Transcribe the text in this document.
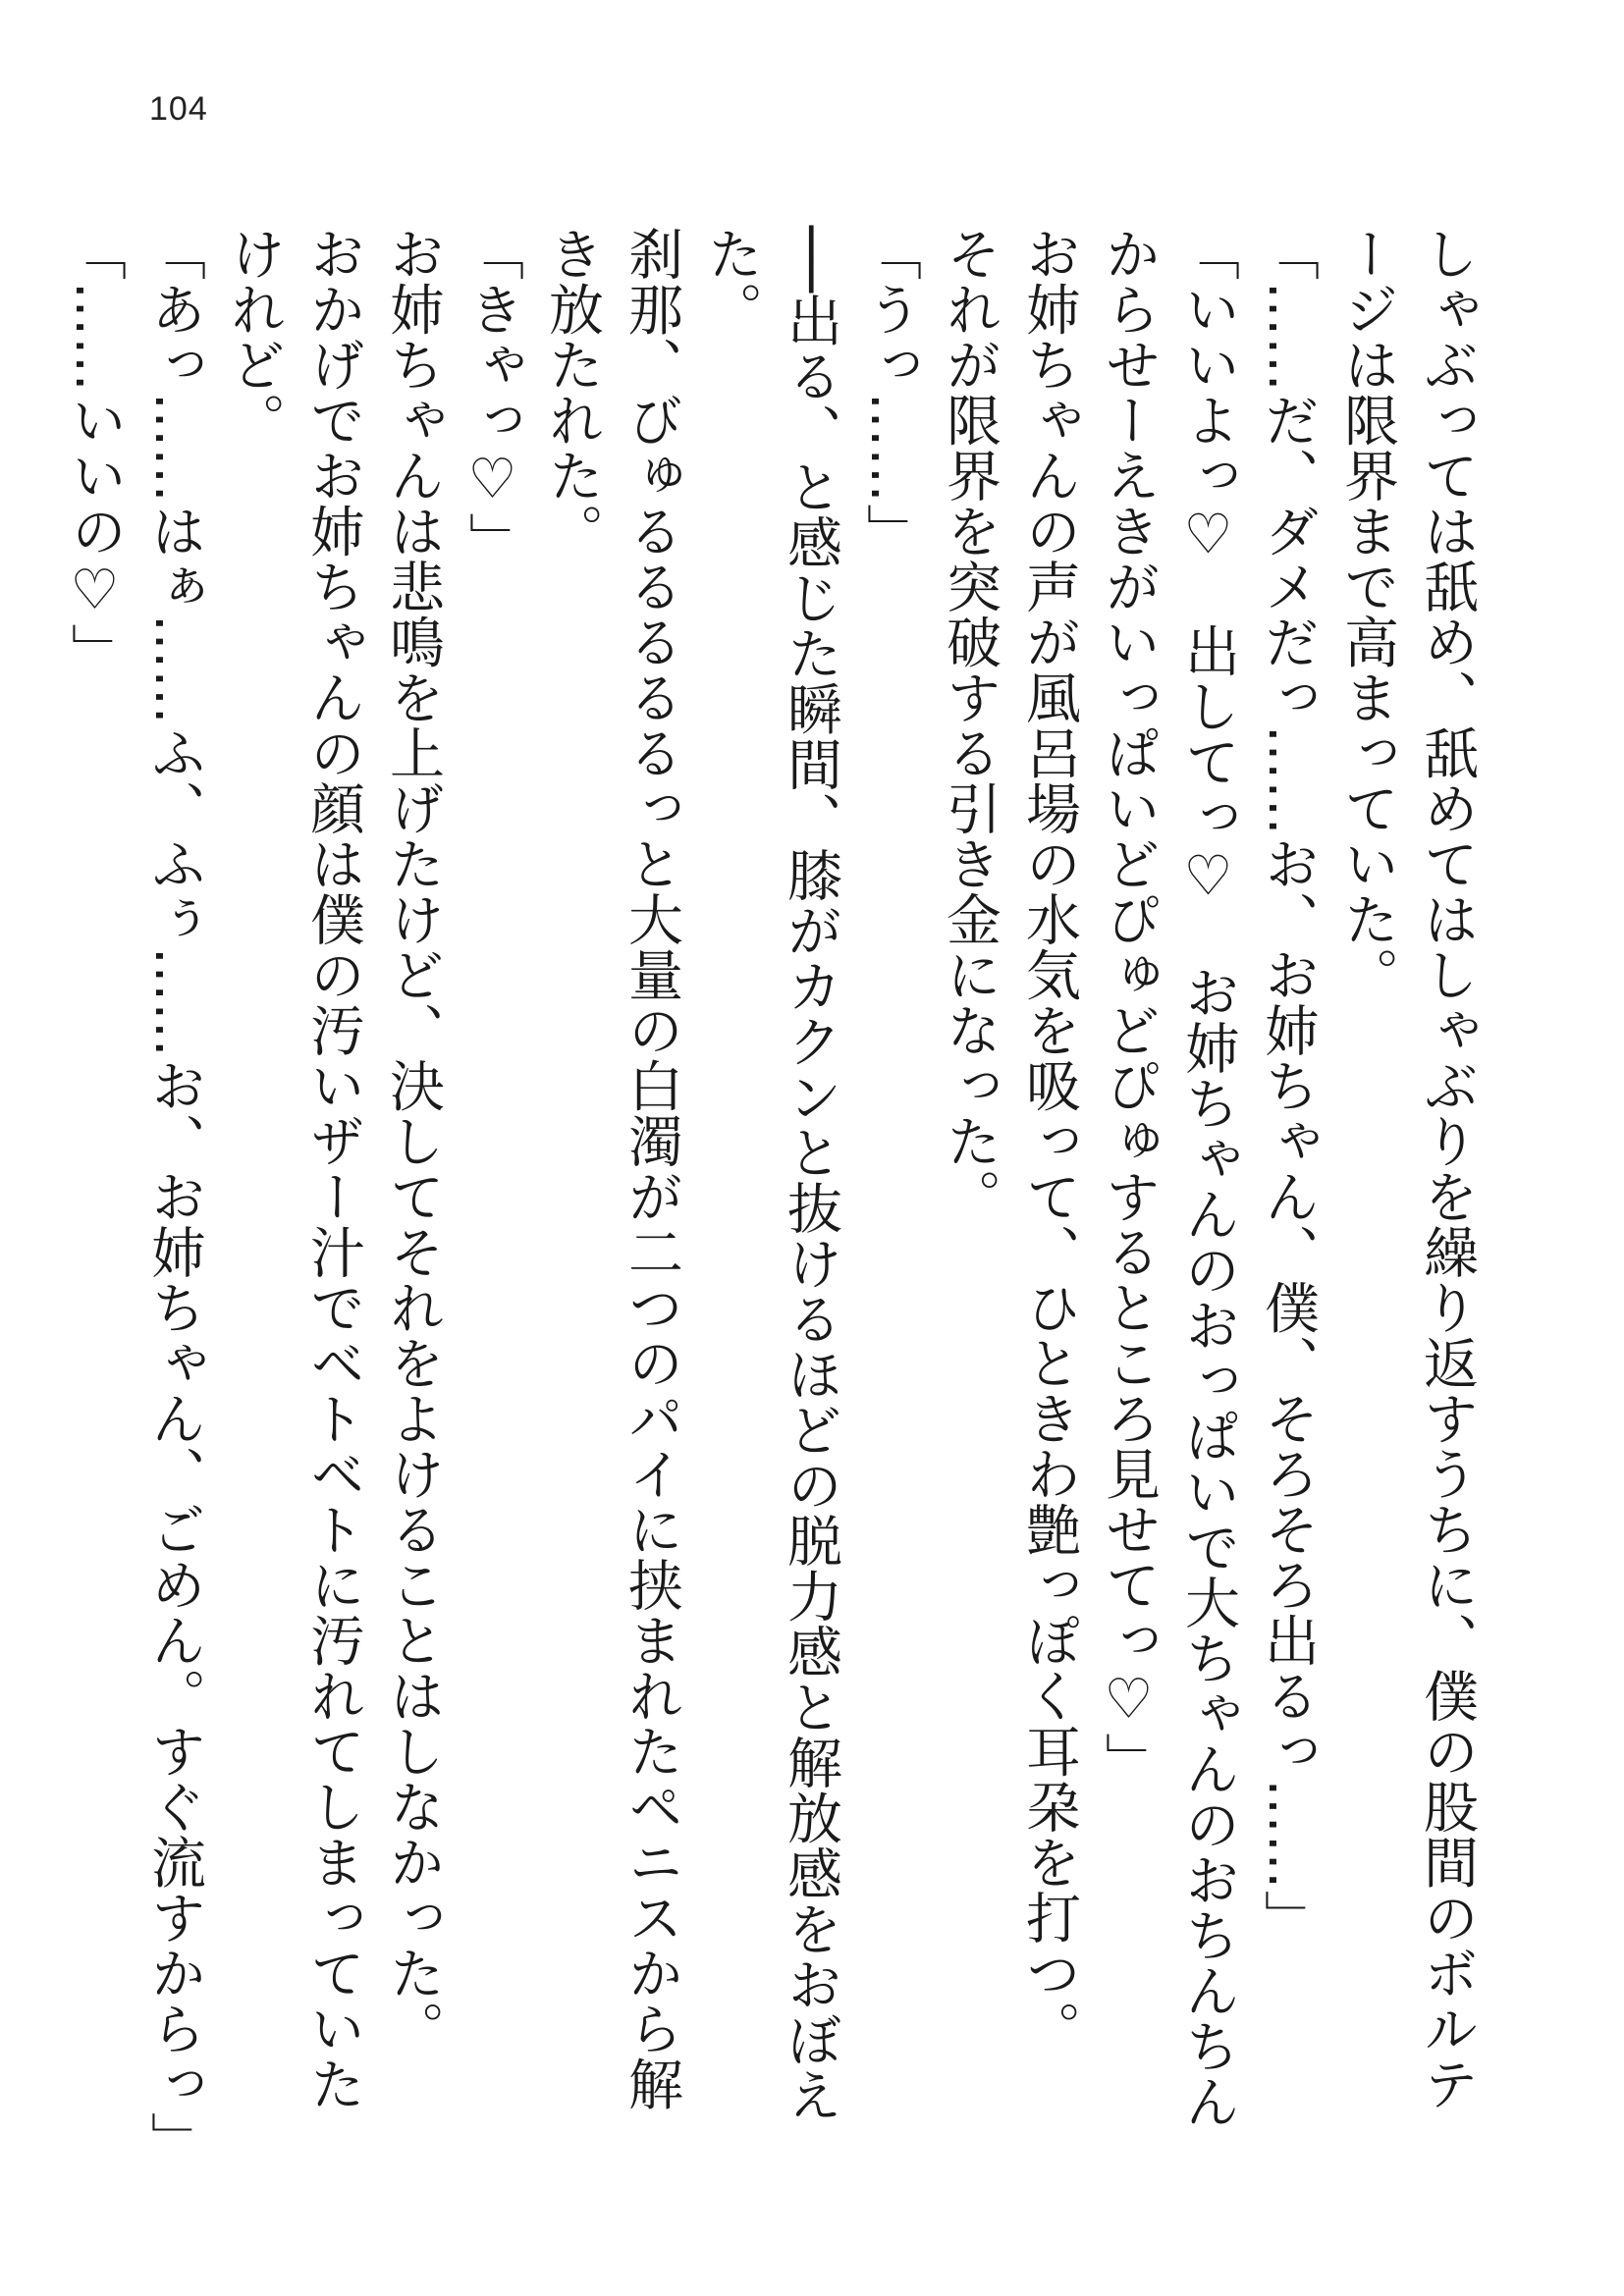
104

しゃぶっては舐め、舐めてはしゃぶりを繰り返すうちに、僕の股間のボルテージは限界まで高まっていた。

「……だ、ダメだっ……お、お姉ちゃん、僕、そろそろ出るっ……」

「いいよっ♡　出してっ♡　お姉ちゃんのおっぱいで大ちゃんのおちんちんからせーえきがいっぱいどぴゅどぴゅするところ見せてっ♡」

お姉ちゃんの声が風呂場の水気を吸って、ひときわ艶っぽく耳朶を打つ。

それが限界を突破する引き金になった。

「うっ……」

──出る、と感じた瞬間、膝がカクンと抜けるほどの脱力感と解放感をおぼえた。

刹那、びゅるるるるるっと大量の白濁が二つのパイに挟まれたペニスから解き放たれた。

「きゃっ♡」

お姉ちゃんは悲鳴を上げたけど、決してそれをよけることはしなかった。

おかげでお姉ちゃんの顔は僕の汚いザー汁でベトベトに汚れてしまっていたけれど。

「あっ……はぁ……ふ、ふぅ……お、お姉ちゃん、ごめん。すぐ流すからっ」

「……いいの♡」
